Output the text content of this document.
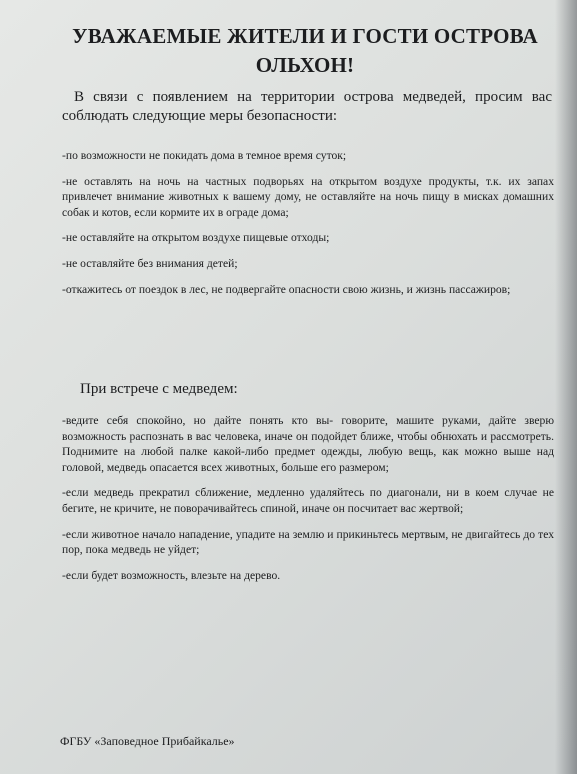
УВАЖАЕМЫЕ ЖИТЕЛИ И ГОСТИ ОСТРОВА ОЛЬХОН!
В связи с появлением на территории острова медведей, просим вас соблюдать следующие меры безопасности:
-по возможности не покидать дома в темное время суток;
-не оставлять на ночь на частных подворьях на открытом воздухе продукты, т.к. их запах привлечет внимание животных к вашему дому, не оставляйте на ночь пищу в мисках домашних собак и котов, если кормите их в ограде дома;
-не оставляйте на открытом воздухе пищевые отходы;
-не оставляйте без внимания детей;
-откажитесь от поездок в лес, не подвергайте опасности свою жизнь, и жизнь пассажиров;
При встрече с медведем:
-ведите себя спокойно, но дайте понять кто вы- говорите, машите руками, дайте зверю возможность распознать в вас человека, иначе он подойдет ближе, чтобы обнюхать и рассмотреть. Поднимите на любой палке какой-либо предмет одежды, любую вещь, как можно выше над головой, медведь опасается всех животных, больше его размером;
-если медведь прекратил сближение, медленно удаляйтесь по диагонали, ни в коем случае не бегите, не кричите, не поворачивайтесь спиной, иначе он посчитает вас жертвой;
-если животное начало нападение, упадите на землю и прикиньтесь мертвым, не двигайтесь до тех пор, пока медведь не уйдет;
-если будет возможность, влезьте на дерево.
ФГБУ «Заповедное Прибайкалье»
